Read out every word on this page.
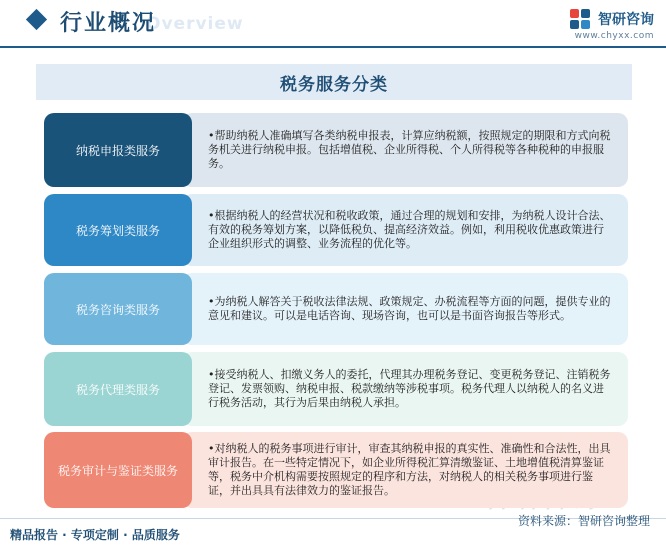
Overview
行业概况	智研咨询
www.chyxx.com
税务服务分类
纳税申报类服务
•帮助纳税人准确填写各类纳税申报表，计算应纳税额，按照规定的期限和方式向税务机关进行纳税申报。包括增值税、企业所得税、个人所得税等各种税种的申报服务。
税务筹划类服务
•根据纳税人的经营状况和税收政策，通过合理的规划和安排，为纳税人设计合法、有效的税务筹划方案，以降低税负、提高经济效益。例如，利用税收优惠政策进行企业组织形式的调整、业务流程的优化等。
税务咨询类服务
•为纳税人解答关于税收法律法规、政策规定、办税流程等方面的问题，提供专业的意见和建议。可以是电话咨询、现场咨询，也可以是书面咨询报告等形式。
税务代理类服务
•接受纳税人、扣缴义务人的委托，代理其办理税务登记、变更税务登记、注销税务登记、发票领购、纳税申报、税款缴纳等涉税事项。税务代理人以纳税人的名义进行税务活动，其行为后果由纳税人承担。
税务审计与鉴证类服务
•对纳税人的税务事项进行审计，审查其纳税申报的真实性、准确性和合法性，出具审计报告。在一些特定情况下，如企业所得税汇算清缴鉴证、土地增值税清算鉴证等，税务中介机构需要按照规定的程序和方法，对纳税人的相关税务事项进行鉴证，并出具具有法律效力的鉴证报告。
精品报告 · 专项定制 · 品质服务
资料来源：智研咨询整理
